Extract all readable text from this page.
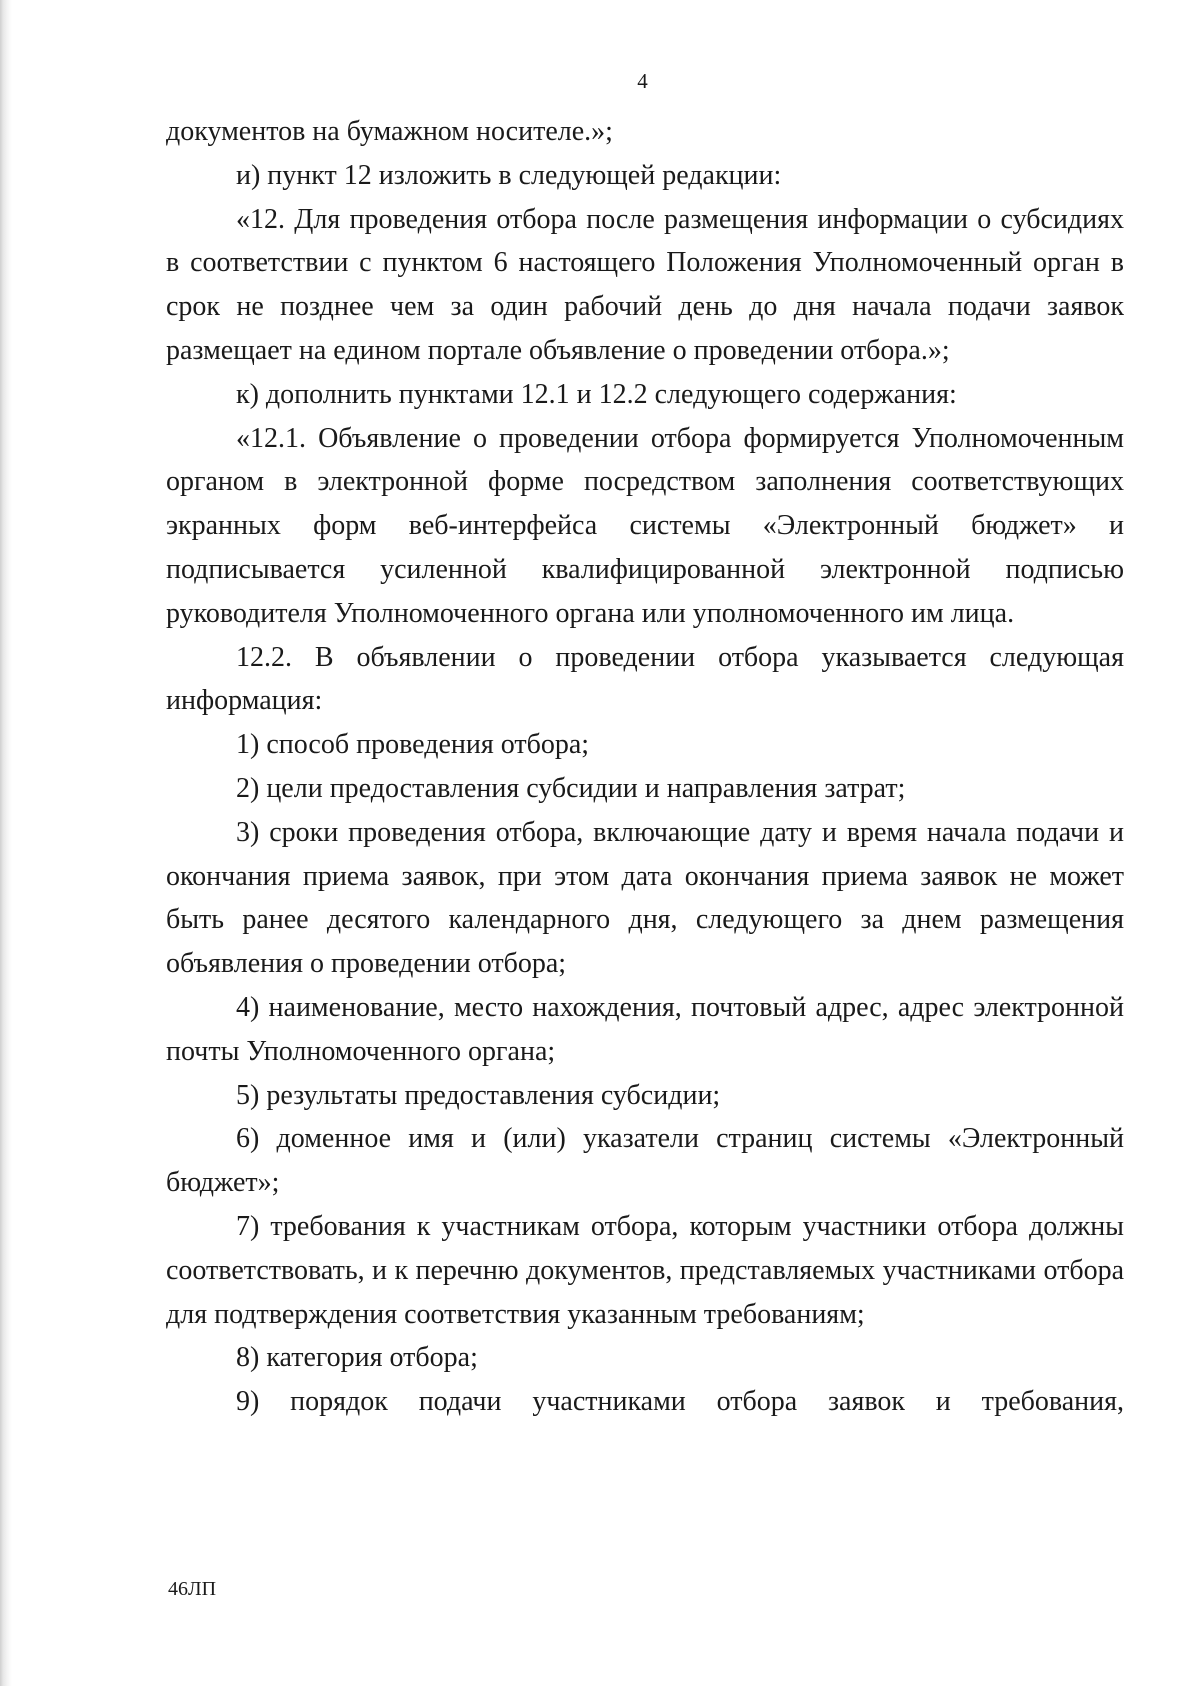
4

документов на бумажном носителе.»;

и) пункт 12 изложить в следующей редакции:

«12. Для проведения отбора после размещения информации о субсидиях в соответствии с пунктом 6 настоящего Положения Уполномоченный орган в срок не позднее чем за один рабочий день до дня начала подачи заявок размещает на едином портале объявление о проведении отбора.»;

к) дополнить пунктами 12.1 и 12.2 следующего содержания:

«12.1. Объявление о проведении отбора формируется Уполномоченным органом в электронной форме посредством заполнения соответствующих экранных форм веб-интерфейса системы «Электронный бюджет» и подписывается усиленной квалифицированной электронной подписью руководителя Уполномоченного органа или уполномоченного им лица.

12.2. В объявлении о проведении отбора указывается следующая информация:

1) способ проведения отбора;

2) цели предоставления субсидии и направления затрат;

3) сроки проведения отбора, включающие дату и время начала подачи и окончания приема заявок, при этом дата окончания приема заявок не может быть ранее десятого календарного дня, следующего за днем размещения объявления о проведении отбора;

4) наименование, место нахождения, почтовый адрес, адрес электронной почты Уполномоченного органа;

5) результаты предоставления субсидии;

6) доменное имя и (или) указатели страниц системы «Электронный бюджет»;

7) требования к участникам отбора, которым участники отбора должны соответствовать, и к перечню документов, представляемых участниками отбора для подтверждения соответствия указанным требованиям;

8) категория отбора;

9) порядок подачи участниками отбора заявок и требования,

46ЛП
